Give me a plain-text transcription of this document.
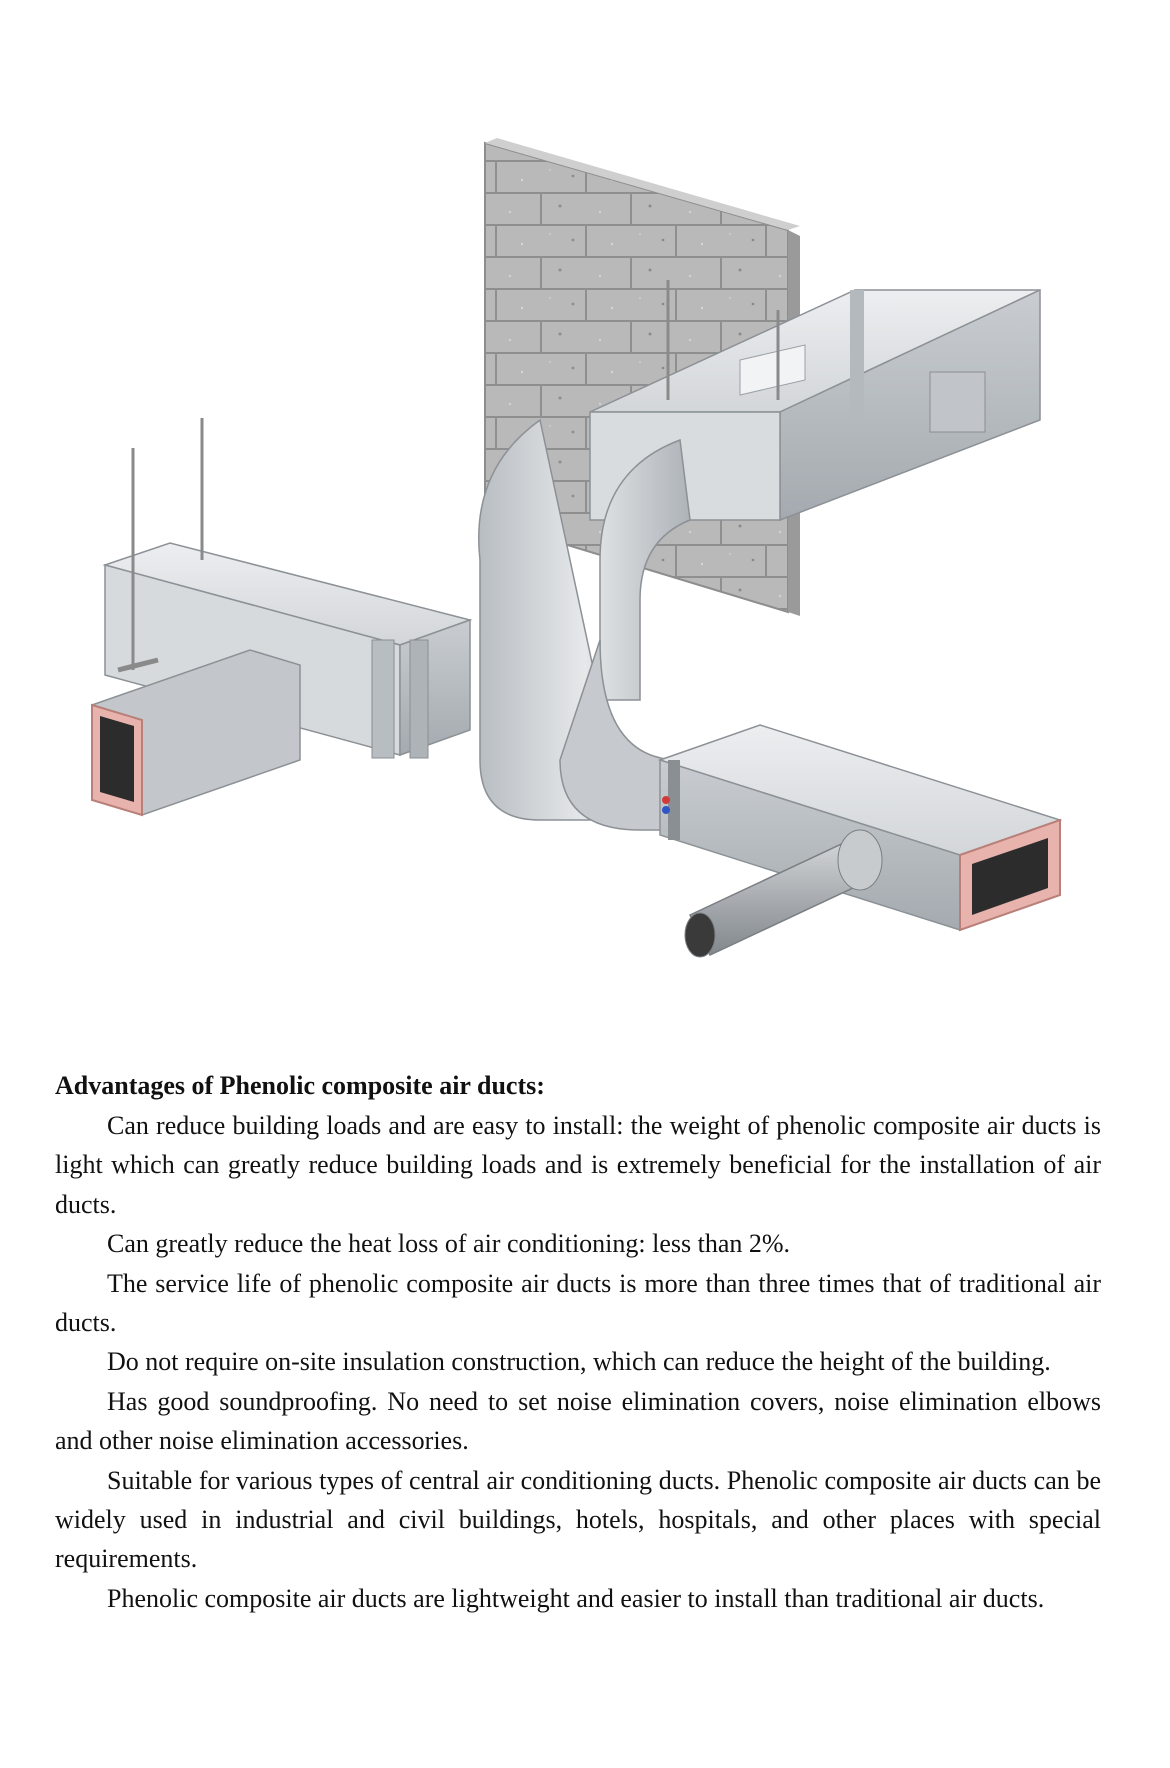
Advantages of Phenolic composite air ducts:

Can reduce building loads and are easy to install: the weight of phenolic composite air ducts is light which can greatly reduce building loads and is extremely beneficial for the installation of air ducts.

Can greatly reduce the heat loss of air conditioning: less than 2%.

The service life of phenolic composite air ducts is more than three times that of traditional air ducts.

Do not require on-site insulation construction, which can reduce the height of the building.

Has good soundproofing. No need to set noise elimination covers, noise elimination elbows and other noise elimination accessories.

Suitable for various types of central air conditioning ducts. Phenolic composite air ducts can be widely used in industrial and civil buildings, hotels, hospitals, and other places with special requirements.

Phenolic composite air ducts are lightweight and easier to install than traditional air ducts.
